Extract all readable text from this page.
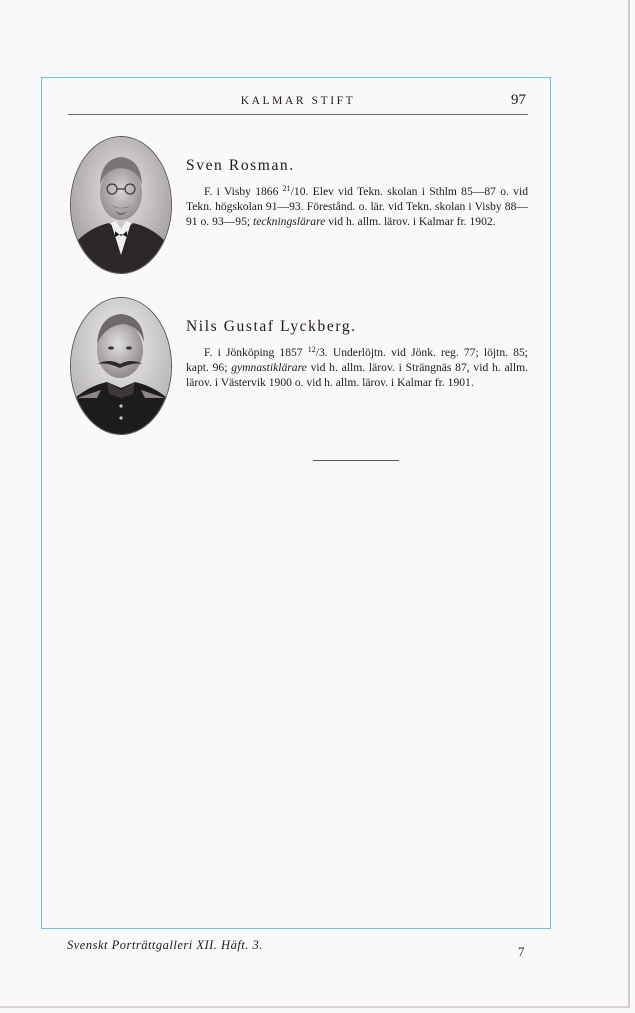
KALMAR STIFT	97
Sven Rosman.

F. i Visby 1866 $^{21}$/10. Elev vid Tekn. skolan i Sthlm 85—87 o. vid Tekn. högskolan 91—93. Förestånd. o. lär. vid Tekn. skolan i Visby 88—91 o. 93—95; teckningslärare vid h. allm. lärov. i Kalmar fr. 1902.

Nils Gustaf Lyckberg.

F. i Jönköping 1857 $^{12}$/3. Underlöjtn. vid Jönk. reg. 77; löjtn. 85; kapt. 96; gymnastiklärare vid h. allm. lärov. i Strängnäs 87, vid h. allm. lärov. i Västervik 1900 o. vid h. allm. lärov. i Kalmar fr. 1901.

Svenskt Porträttgalleri XII. Häft. 3.	7
